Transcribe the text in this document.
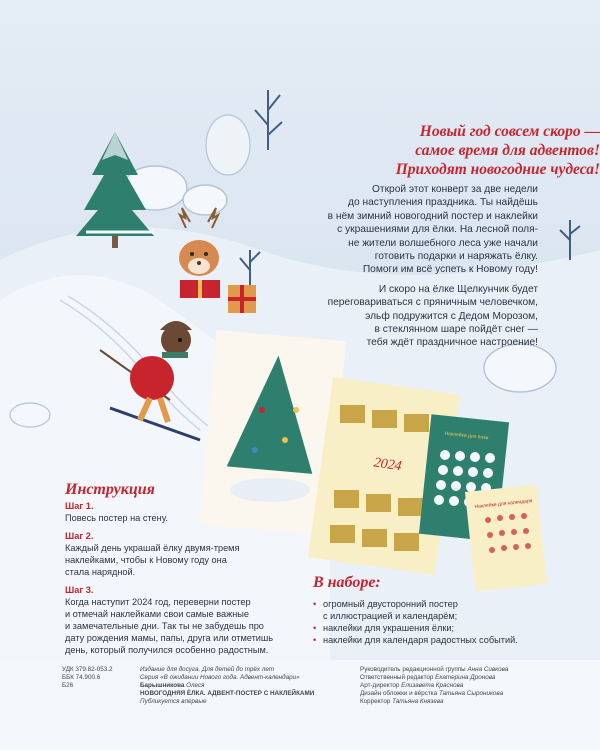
2024
Наклейки для ёлки
Наклейки для календаря
Новый год совсем скоро —
самое время для адвентов!
Приходят новогодние чудеса!

Открой этот конверт за две недели
до наступления праздника. Ты найдёшь
в нём зимний новогодний постер и наклейки
с украшениями для ёлки. На лесной поля-
не жители волшебного леса уже начали
готовить подарки и наряжать ёлку.
Помоги им всё успеть к Новому году!

И скоро на ёлке Щелкунчик будет
переговариваться с пряничным человечком,
эльф подружится с Дедом Морозом,
в стеклянном шаре пойдёт снег —
тебя ждёт праздничное настроение!

Инструкция
Шаг 1.
Повесь постер на стену.
Шаг 2.
Каждый день украшай ёлку двумя-тремя
наклейками, чтобы к Новому году она
стала нарядной.
Шаг 3.
Когда наступит 2024 год, переверни постер
и отмечай наклейками свои самые важные
и замечательные дни. Так ты не забудешь про
дату рождения мамы, папы, друга или отметишь
день, который получился особенно радостным.
В наборе:
• огромный двусторонний постер
с иллюстрацией и календарём;
• наклейки для украшения ёлки;
• наклейки для календаря радостных событий.
УДК 379.82-053.2
ББК 74.900.6
Б26
Издание для досуга. Для детей до трёх лет
Серия «В ожидании Нового года. Адвент-календари»
Барышникова Олеся
НОВОГОДНЯЯ ЁЛКА. АДВЕНТ-ПОСТЕР С НАКЛЕЙКАМИ
Публикуется впервые
Руководитель редакционной группы Анна Сивкова
Ответственный редактор Екатерина Дронова
Арт-директор Елизавета Краснова
Дизайн обложки и вёрстка Татьяна Сыроникова
Корректор Татьяна Князева
